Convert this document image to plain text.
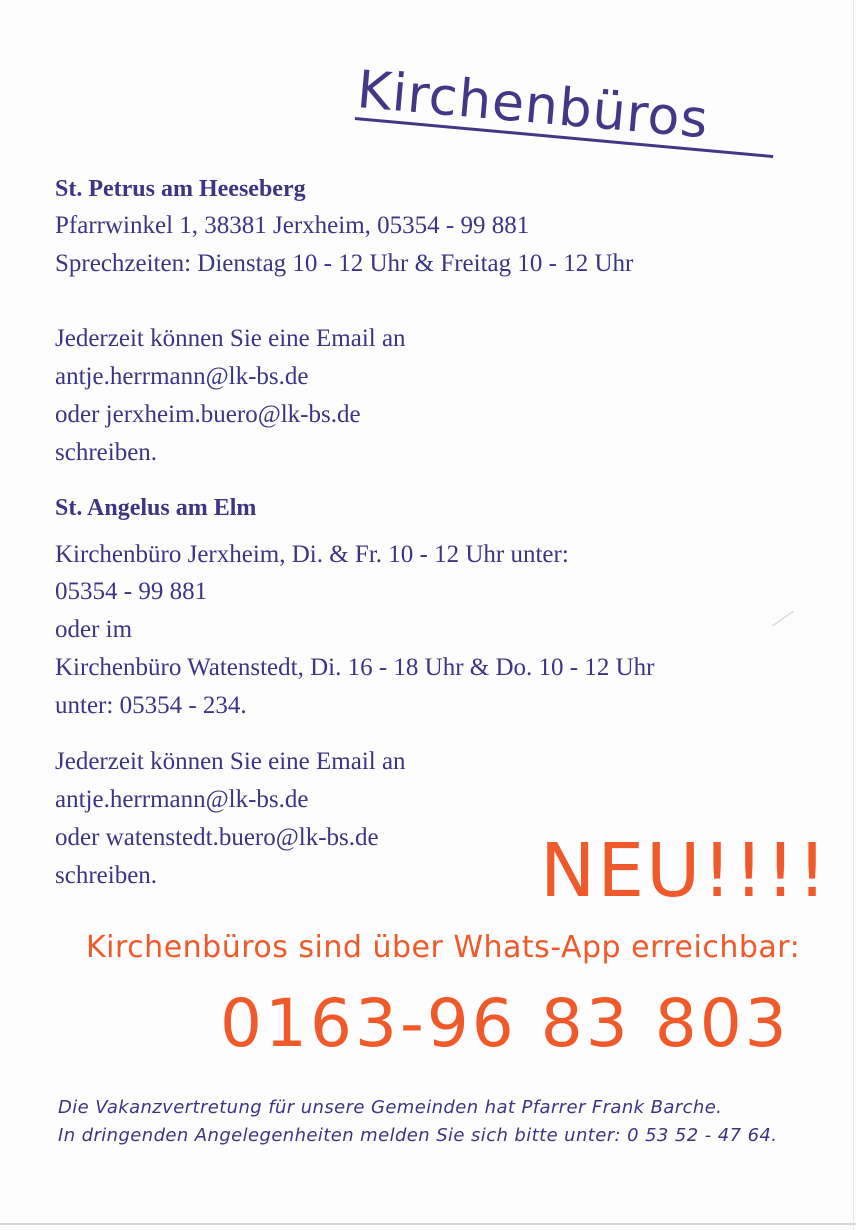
Kirchenbüros
St. Petrus am Heeseberg
Pfarrwinkel 1, 38381 Jerxheim, 05354 - 99 881
Sprechzeiten: Dienstag 10 - 12 Uhr & Freitag 10 - 12 Uhr
Jederzeit können Sie eine Email an
antje.herrmann@lk-bs.de
oder jerxheim.buero@lk-bs.de
schreiben.
St. Angelus am Elm
Kirchenbüro Jerxheim, Di. & Fr. 10 - 12 Uhr unter:
05354 - 99 881
oder im
Kirchenbüro Watenstedt, Di. 16 - 18 Uhr & Do. 10 - 12 Uhr
unter: 05354 - 234.
Jederzeit können Sie eine Email an
antje.herrmann@lk-bs.de
oder watenstedt.buero@lk-bs.de
schreiben.	NEU!!!!
Kirchenbüros sind über Whats-App erreichbar:
0163-96 83 803
Die Vakanzvertretung für unsere Gemeinden hat Pfarrer Frank Barche.
In dringenden Angelegenheiten melden Sie sich bitte unter: 0 53 52 - 47 64.
